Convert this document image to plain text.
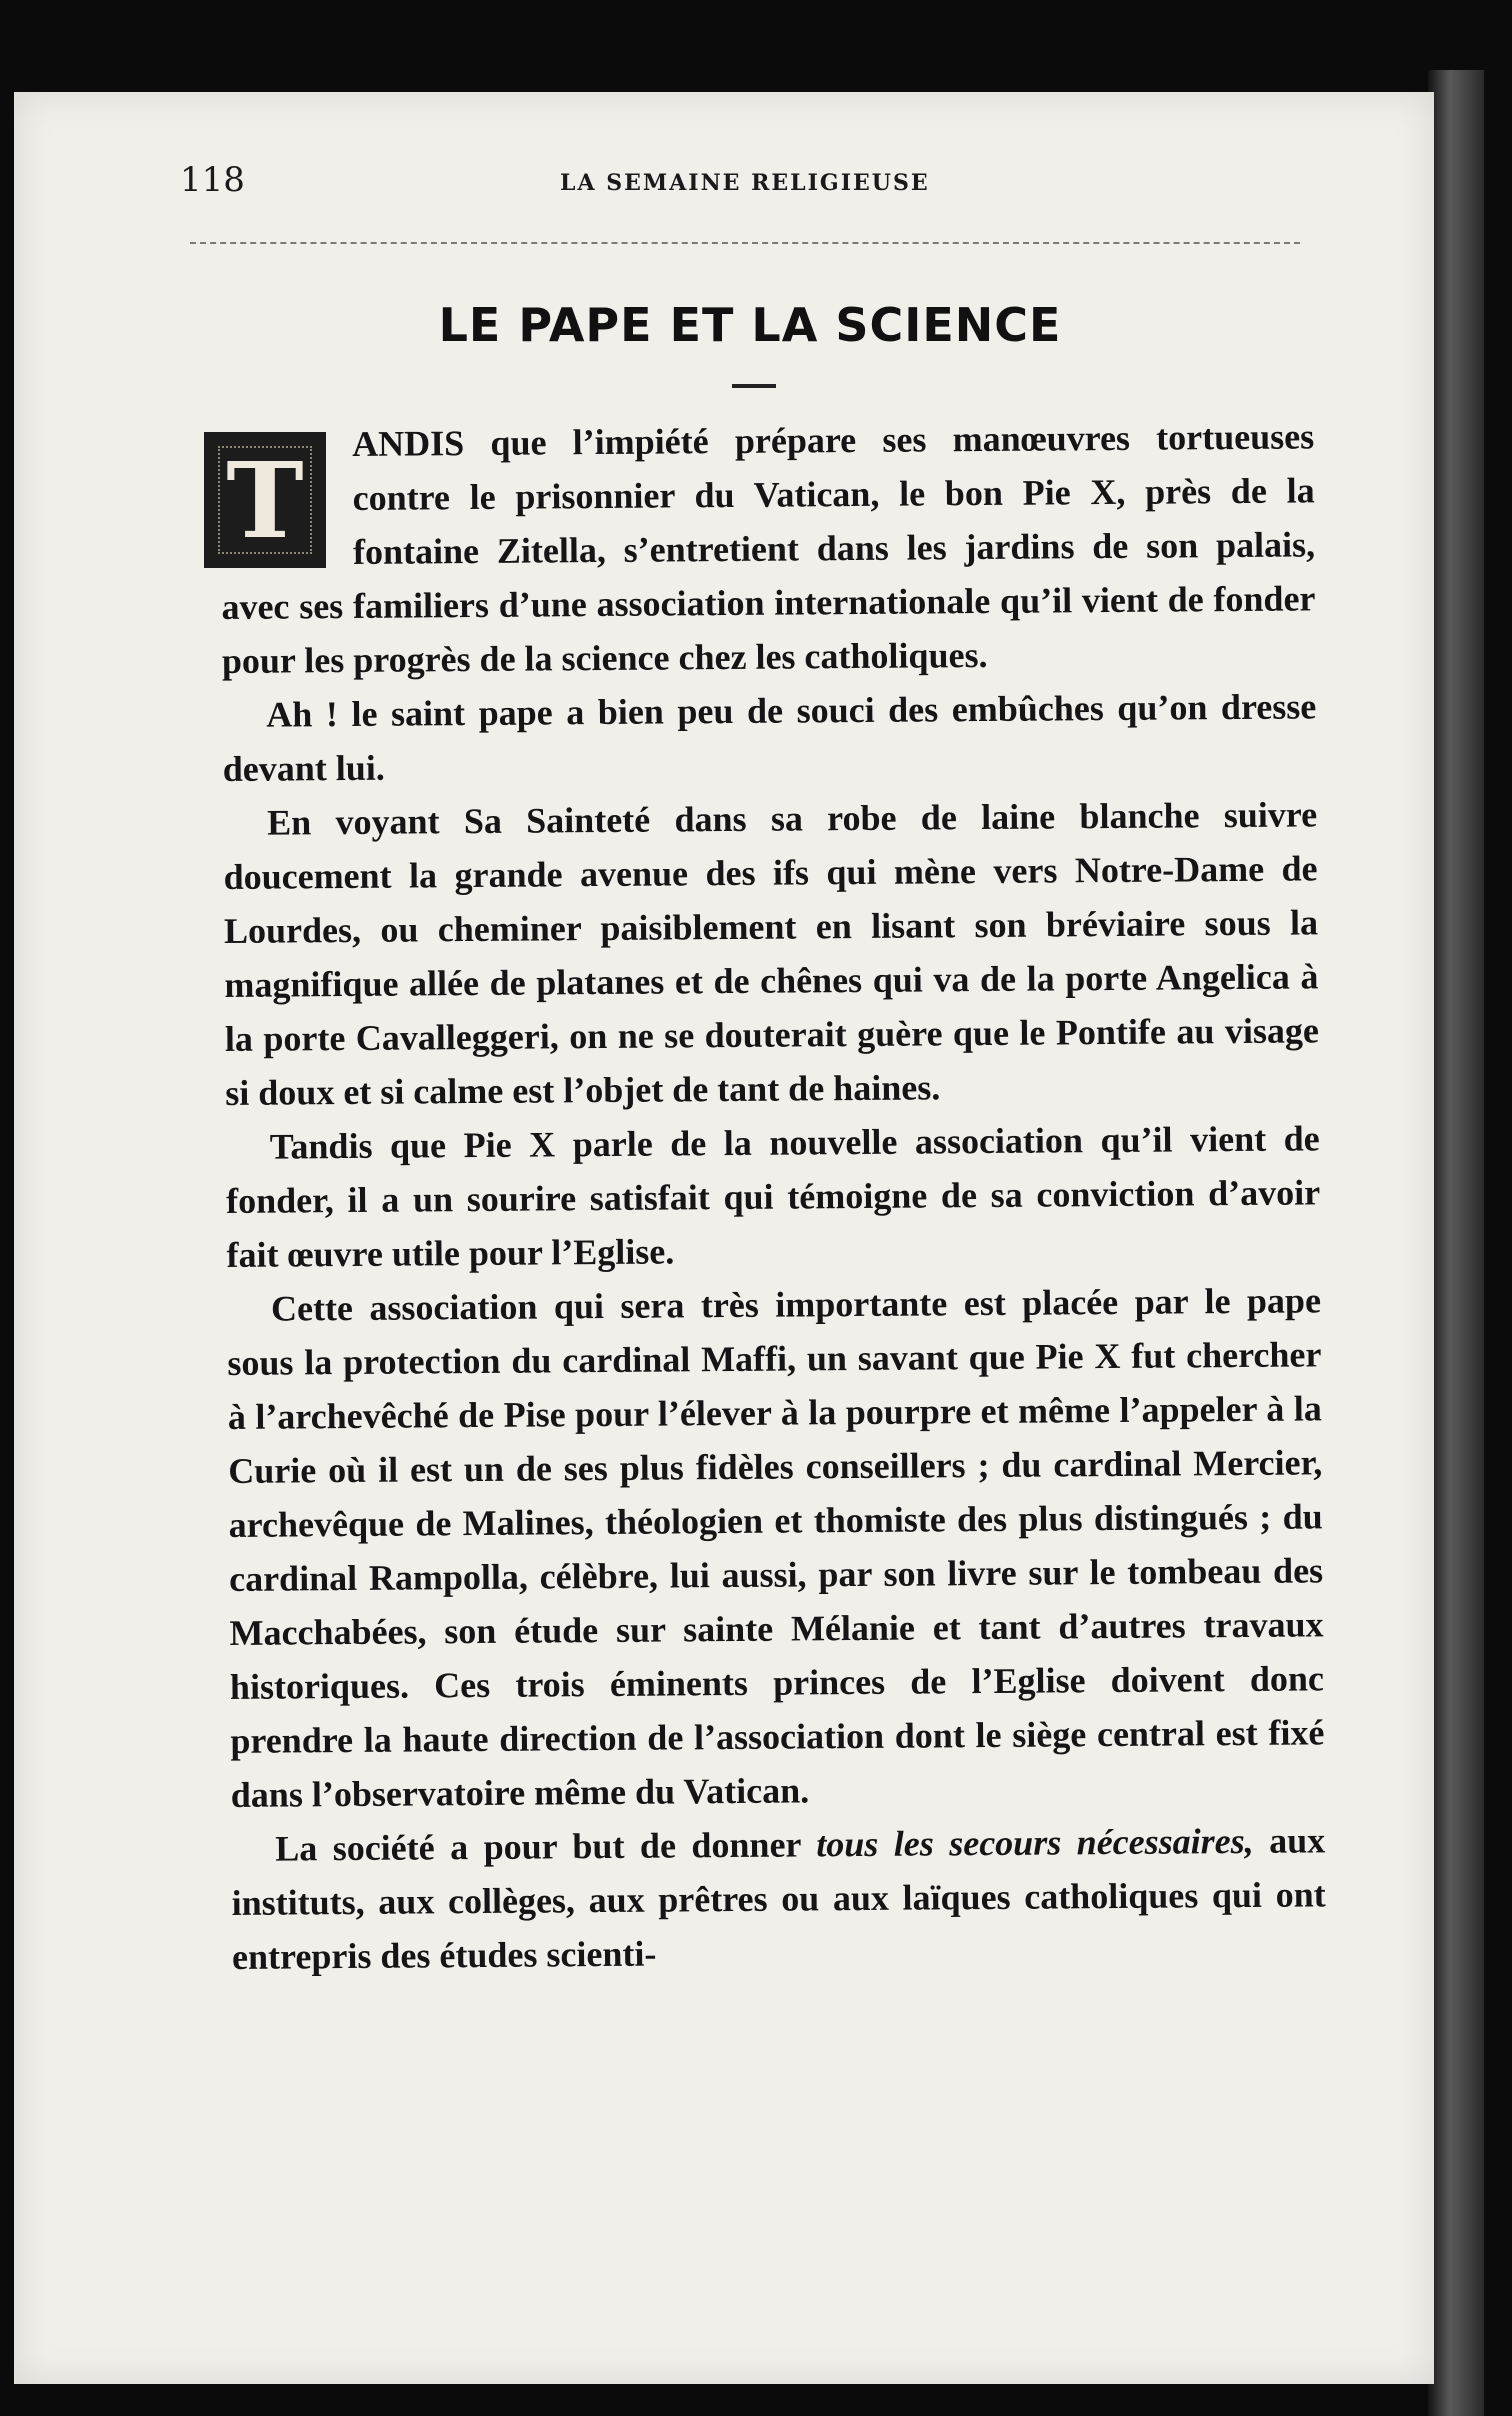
118	LA SEMAINE RELIGIEUSE
LE PAPE ET LA SCIENCE
T	ANDIS que l’impiété prépare ses manœuvres tortueuses contre le prisonnier du Vatican, le bon Pie X, près de la fontaine Zitella, s’entretient dans les jardins de son palais, avec ses familiers d’une association internationale qu’il vient de fonder pour les progrès de la science chez les catholiques.

Ah ! le saint pape a bien peu de souci des embûches qu’on dresse devant lui.

En voyant Sa Sainteté dans sa robe de laine blanche suivre doucement la grande avenue des ifs qui mène vers Notre-Dame de Lourdes, ou cheminer paisiblement en lisant son bréviaire sous la magnifique allée de platanes et de chênes qui va de la porte Angelica à la porte Cavalleggeri, on ne se douterait guère que le Pontife au visage si doux et si calme est l’objet de tant de haines.

Tandis que Pie X parle de la nouvelle association qu’il vient de fonder, il a un sourire satisfait qui témoigne de sa conviction d’avoir fait œuvre utile pour l’Eglise.

Cette association qui sera très importante est placée par le pape sous la protection du cardinal Maffi, un savant que Pie X fut chercher à l’archevêché de Pise pour l’élever à la pourpre et même l’appeler à la Curie où il est un de ses plus fidèles conseillers ; du cardinal Mercier, archevêque de Malines, théologien et thomiste des plus distingués ; du cardinal Rampolla, célèbre, lui aussi, par son livre sur le tombeau des Macchabées, son étude sur sainte Mélanie et tant d’autres travaux historiques. Ces trois éminents princes de l’Eglise doivent donc prendre la haute direction de l’association dont le siège central est fixé dans l’observatoire même du Vatican.

La société a pour but de donner tous les secours nécessaires, aux instituts, aux collèges, aux prêtres ou aux laïques catholiques qui ont entrepris des études scienti-
